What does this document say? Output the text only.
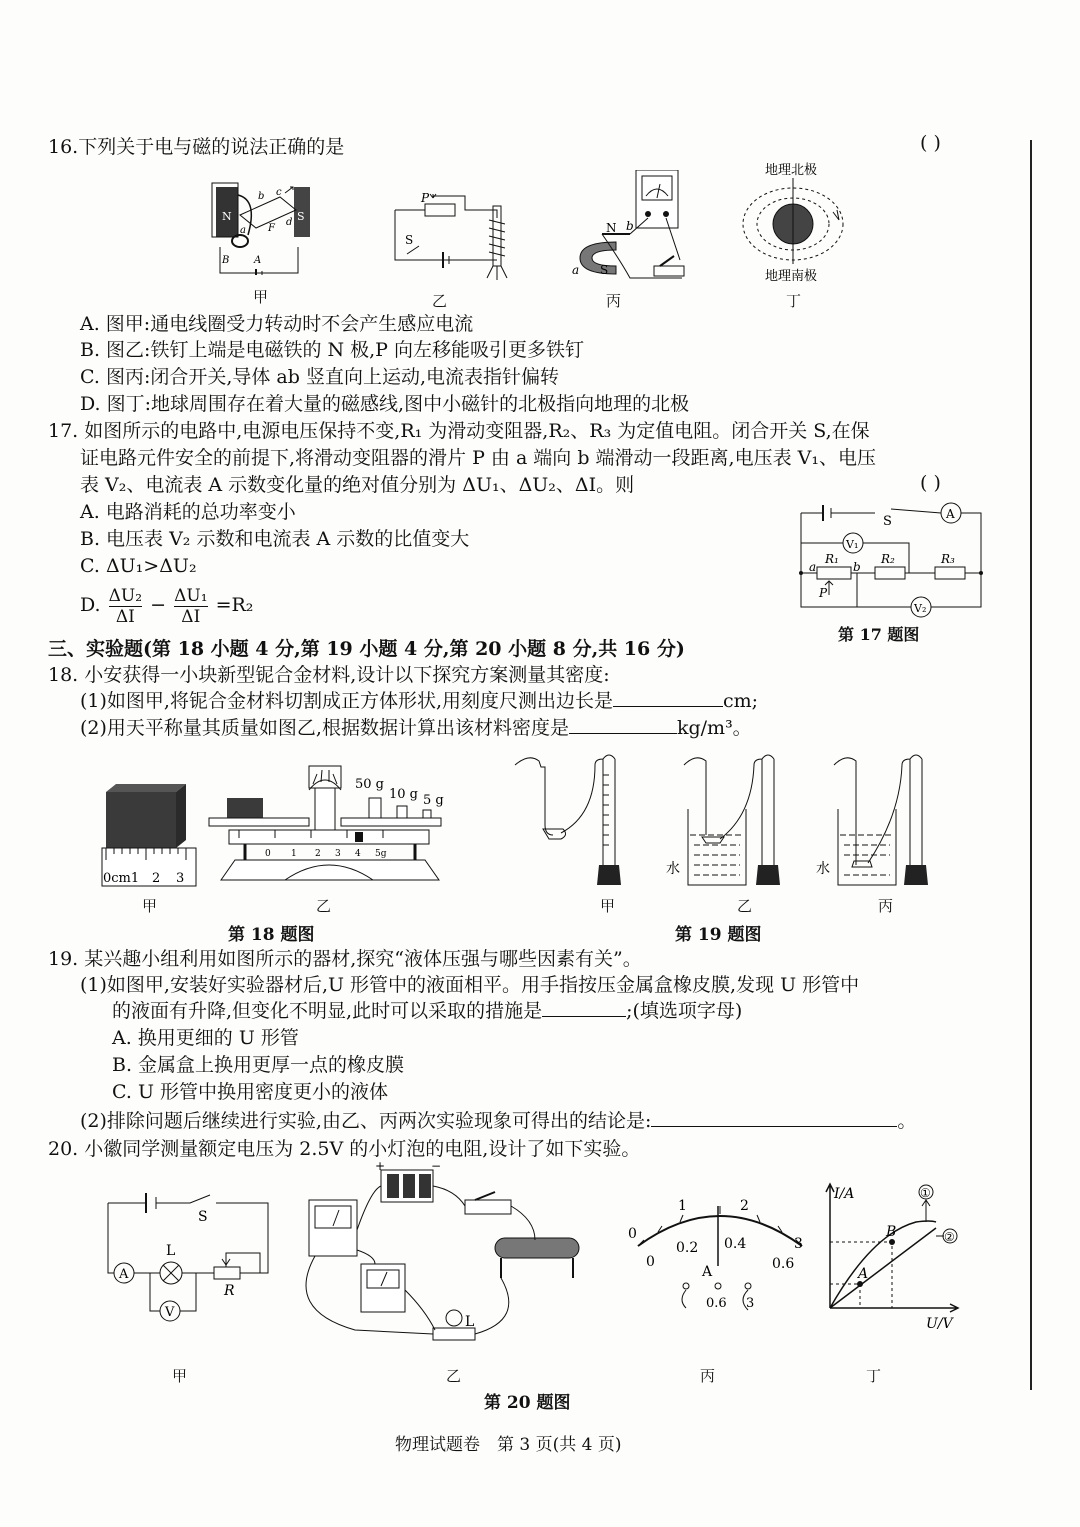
16.下列关于电与磁的说法正确的是	( )
N	S
b
a F
d
c
B A
甲
P
S
乙
N b
a S
丙
地理北极
地理南极
丁
A. 图甲:通电线圈受力转动时不会产生感应电流
B. 图乙:铁钉上端是电磁铁的 N 极,P 向左移能吸引更多铁钉
C. 图丙:闭合开关,导体 ab 竖直向上运动,电流表指针偏转
D. 图丁:地球周围存在着大量的磁感线,图中小磁针的北极指向地理的北极
17. 如图所示的电路中,电源电压保持不变,R₁ 为滑动变阻器,R₂、R₃ 为定值电阻。闭合开关 S,在保
证电路元件安全的前提下,将滑动变阻器的滑片 P 由 a 端向 b 端滑动一段距离,电压表 V₁、电压
表 V₂、电流表 A 示数变化量的绝对值分别为 ΔU₁、ΔU₂、ΔI。则	( )
A. 电路消耗的总功率变小
B. 电压表 V₂ 示数和电流表 A 示数的比值变大
C. ΔU₁>ΔU₂
D. $\frac{\text{ΔU₂}}{\Delta I} - \frac{\text{ΔU₁}}{\Delta I} =R_2$
S	A
V₁
R₁	R₂	R₃
a	b
P
V₂
第 17 题图
三、实验题(第 18 小题 4 分,第 19 小题 4 分,第 20 小题 8 分,共 16 分)
18. 小安获得一小块新型铌合金材料,设计以下探究方案测量其密度:
(1)如图甲,将铌合金材料切割成正方体形状,用刻度尺测出边长是	cm;
(2)用天平称量其质量如图乙,根据数据计算出该材料密度是	kg/m³。
0cm1 2 3
甲
50 g
10 g 5 g
0 1 2 3 4 5g
乙
第 18 题图
甲
水
乙
水
丙
第 19 题图
19. 某兴趣小组利用如图所示的器材,探究“液体压强与哪些因素有关”。
(1)如图甲,安装好实验器材后,U 形管中的液面相平。用手指按压金属盒橡皮膜,发现 U 形管中
的液面有升降,但变化不明显,此时可以采取的措施是	;(填选项字母)
A. 换用更细的 U 形管
B. 金属盒上换用更厚一点的橡皮膜
C. U 形管中换用密度更小的液体
(2)排除问题后继续进行实验,由乙、丙两次实验现象可得出的结论是:	。
20. 小徽同学测量额定电压为 2.5V 的小灯泡的电阻,设计了如下实验。
S
L
A
V
R
甲
+	−
L
乙
0
1	2
3
0
0.2 0.4
0.6
A
0.6 3
丙
I/A
U/V
B
A
①
②
丁
第 20 题图
物理试题卷　第 3 页(共 4 页)
